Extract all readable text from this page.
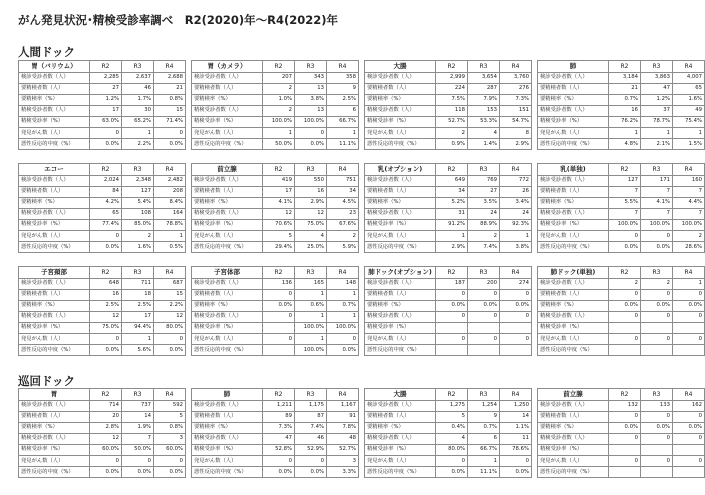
がん発見状況･精検受診率調べ　R2(2020)年～R4(2022)年
人間ドック
巡回ドック
胃（バリウム）	R2	R3	R4
検診受診者数（人）	2,285	2,637	2,688
要精検者数（人）	27	46	21
要精検率（%）	1.2%	1.7%	0.8%
精検受診者数（人）	17	30	15
精検受診率（%）	63.0%	65.2%	71.4%
発見がん数（人）	0	1	0
悪性反応的中度（%）	0.0%	2.2%	0.0%
胃（カメラ）	R2	R3	R4
検診受診者数（人）	207	343	358
要精検者数（人）	2	13	9
要精検率（%）	1.0%	3.8%	2.5%
精検受診者数（人）	2	13	6
精検受診率（%）	100.0%	100.0%	66.7%
発見がん数（人）	1	0	1
悪性反応的中度（%）	50.0%	0.0%	11.1%
大腸	R2	R3	R4
検診受診者数（人）	2,999	3,654	3,760
要精検者数（人）	224	287	276
要精検率（%）	7.5%	7.9%	7.3%
精検受診者数（人）	118	153	151
精検受診率（%）	52.7%	53.3%	54.7%
発見がん数（人）	2	4	8
悪性反応的中度（%）	0.9%	1.4%	2.9%
肺	R2	R3	R4
検診受診者数（人）	3,184	3,863	4,007
要精検者数（人）	21	47	65
要精検率（%）	0.7%	1.2%	1.6%
精検受診者数（人）	16	37	49
精検受診率（%）	76.2%	78.7%	75.4%
発見がん数（人）	1	1	1
悪性反応的中度（%）	4.8%	2.1%	1.5%
エコー	R2	R3	R4
検診受診者数（人）	2,024	2,348	2,482
要精検者数（人）	84	127	208
要精検率（%）	4.2%	5.4%	8.4%
精検受診者数（人）	65	108	164
精検受診率（%）	77.4%	85.0%	78.8%
発見がん数（人）	0	2	1
悪性反応的中度（%）	0.0%	1.6%	0.5%
前立腺	R2	R3	R4
検診受診者数（人）	419	550	751
要精検者数（人）	17	16	34
要精検率（%）	4.1%	2.9%	4.5%
精検受診者数（人）	12	12	23
精検受診率（%）	70.6%	75.0%	67.6%
発見がん数（人）	5	4	2
悪性反応的中度（%）	29.4%	25.0%	5.9%
乳(オプション)	R2	R3	R4
検診受診者数（人）	649	769	772
要精検者数（人）	34	27	26
要精検率（%）	5.2%	3.5%	3.4%
精検受診者数（人）	31	24	24
精検受診率（%）	91.2%	88.9%	92.3%
発見がん数（人）	1	2	1
悪性反応的中度（%）	2.9%	7.4%	3.8%
乳(単独)	R2	R3	R4
検診受診者数（人）	127	171	160
要精検者数（人）	7	7	7
要精検率（%）	5.5%	4.1%	4.4%
精検受診者数（人）	7	7	7
精検受診率（%）	100.0%	100.0%	100.0%
発見がん数（人）	0	0	2
悪性反応的中度（%）	0.0%	0.0%	28.6%
子宮頚部	R2	R3	R4
検診受診者数（人）	648	711	687
要精検者数（人）	16	18	15
要精検率（%）	2.5%	2.5%	2.2%
精検受診者数（人）	12	17	12
精検受診率（%）	75.0%	94.4%	80.0%
発見がん数（人）	0	1	0
悪性反応的中度（%）	0.0%	5.6%	0.0%
子宮体部	R2	R3	R4
検診受診者数（人）	136	165	148
要精検者数（人）	0	1	1
要精検率（%）	0.0%	0.6%	0.7%
精検受診者数（人）	0	1	1
精検受診率（%）		100.0%	100.0%
発見がん数（人）	0	1	0
悪性反応的中度（%）		100.0%	0.0%
肺ドック(オプション)	R2	R3	R4
検診受診者数（人）	187	200	274
要精検者数（人）	0	0	0
要精検率（%）	0.0%	0.0%	0.0%
精検受診者数（人）	0	0	0
精検受診率（%）			
発見がん数（人）	0	0	0
悪性反応的中度（%）			
肺ドック(単独)	R2	R3	R4
検診受診者数（人）	2	2	1
要精検者数（人）	0	0	0
要精検率（%）	0.0%	0.0%	0.0%
精検受診者数（人）	0	0	0
精検受診率（%）			
発見がん数（人）	0	0	0
悪性反応的中度（%）			
胃	R2	R3	R4
検診受診者数（人）	714	737	592
要精検者数（人）	20	14	5
要精検率（%）	2.8%	1.9%	0.8%
精検受診者数（人）	12	7	3
精検受診率（%）	60.0%	50.0%	60.0%
発見がん数（人）	0	0	0
悪性反応的中度（%）	0.0%	0.0%	0.0%
肺	R2	R3	R4
検診受診者数（人）	1,211	1,175	1,167
要精検者数（人）	89	87	91
要精検率（%）	7.3%	7.4%	7.8%
精検受診者数（人）	47	46	48
精検受診率（%）	52.8%	52.9%	52.7%
発見がん数（人）	0	0	3
悪性反応的中度（%）	0.0%	0.0%	3.3%
大腸	R2	R3	R4
検診受診者数（人）	1,275	1,254	1,250
要精検者数（人）	5	9	14
要精検率（%）	0.4%	0.7%	1.1%
精検受診者数（人）	4	6	11
精検受診率（%）	80.0%	66.7%	78.6%
発見がん数（人）	0	1	0
悪性反応的中度（%）	0.0%	11.1%	0.0%
前立腺	R2	R3	R4
検診受診者数（人）	132	133	162
要精検者数（人）	0	0	0
要精検率（%）	0.0%	0.0%	0.0%
精検受診者数（人）	0	0	0
精検受診率（%）			
発見がん数（人）	0	0	0
悪性反応的中度（%）			
